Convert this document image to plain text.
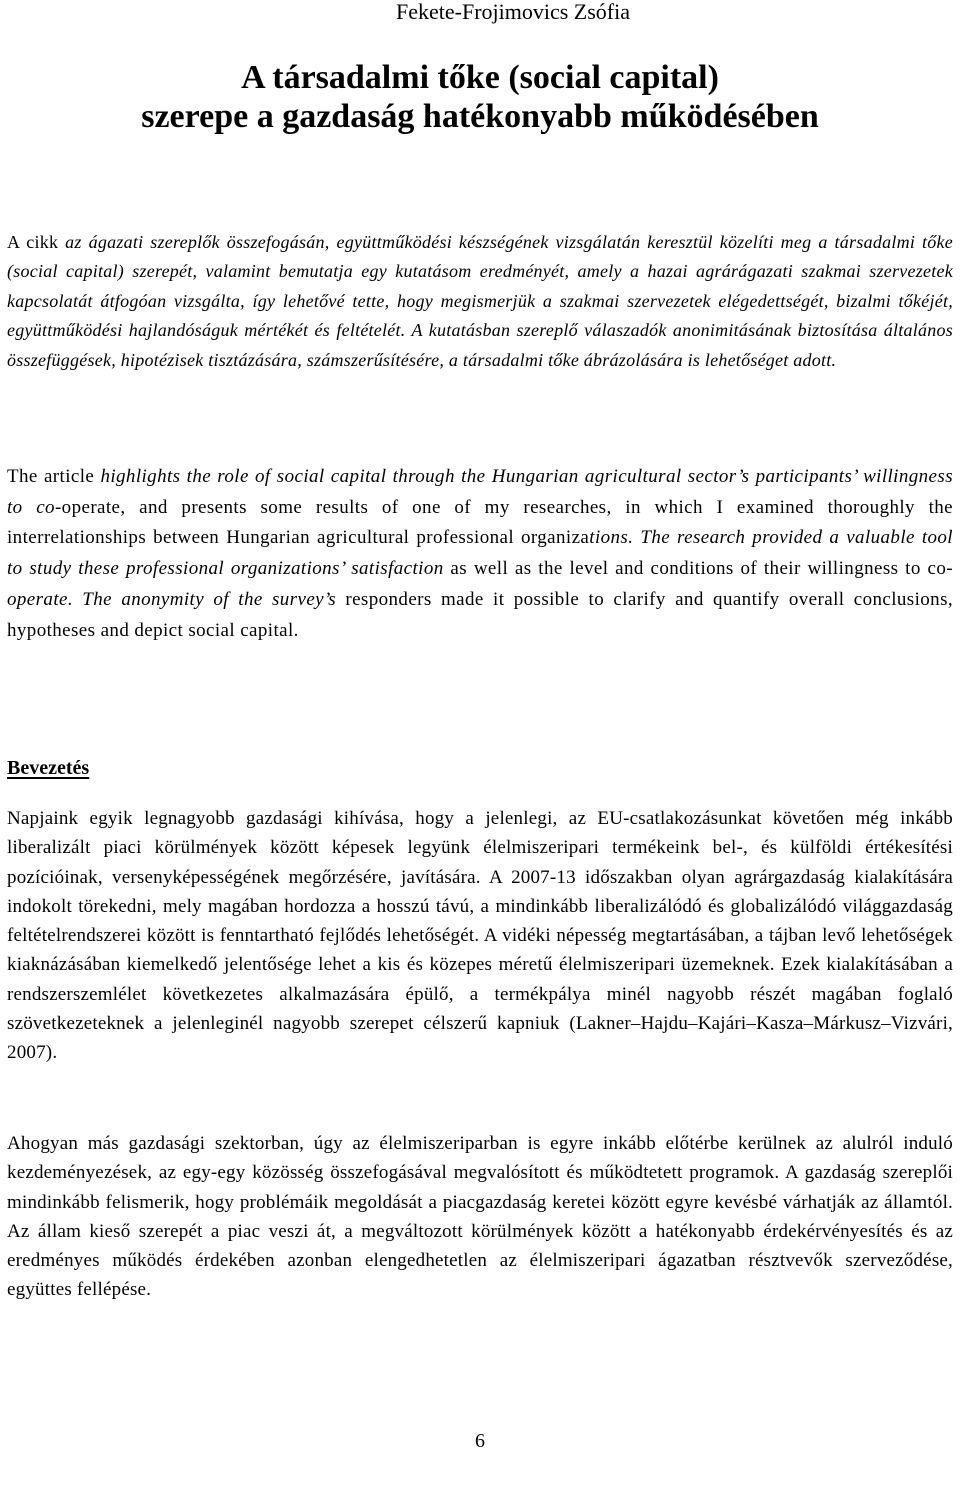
Fekete-Frojimovics Zsófia
A társadalmi tőke (social capital)
szerepe a gazdaság hatékonyabb működésében

A cikk az ágazati szereplők összefogásán, együttműködési készségének vizsgálatán keresztül közelíti meg a társadalmi tőke (social capital) szerepét, valamint bemutatja egy kutatásom eredményét, amely a hazai agrárágazati szakmai szervezetek kapcsolatát átfogóan vizsgálta, így lehetővé tette, hogy megismerjük a szakmai szervezetek elégedettségét, bizalmi tőkéjét, együttműködési hajlandóságuk mértékét és feltételét. A kutatásban szereplő válaszadók anonimitásának biztosítása általános összefüggések, hipotézisek tisztázására, számszerűsítésére, a társadalmi tőke ábrázolására is lehetőséget adott.

The article highlights the role of social capital through the Hungarian agricultural sector’s participants’ willingness to co-operate, and presents some results of one of my researches, in which I examined thoroughly the interrelationships between Hungarian agricultural professional organizations. The research provided a valuable tool to study these professional organizations’ satisfaction as well as the level and conditions of their willingness to co-operate. The anonymity of the survey’s responders made it possible to clarify and quantify overall conclusions, hypotheses and depict social capital.

Bevezetés

Napjaink egyik legnagyobb gazdasági kihívása, hogy a jelenlegi, az EU-csatlakozásunkat követően még inkább liberalizált piaci körülmények között képesek legyünk élelmiszeripari termékeink bel-, és külföldi értékesítési pozícióinak, versenyképességének megőrzésére, javítására. A 2007-13 időszakban olyan agrárgazdaság kialakítására indokolt törekedni, mely magában hordozza a hosszú távú, a mindinkább liberalizálódó és globalizálódó világgazdaság feltételrendszerei között is fenntartható fejlődés lehetőségét. A vidéki népesség megtartásában, a tájban levő lehetőségek kiaknázásában kiemelkedő jelentősége lehet a kis és közepes méretű élelmiszeripari üzemeknek. Ezek kialakításában a rendszerszemlélet következetes alkalmazására épülő, a termékpálya minél nagyobb részét magában foglaló szövetkezeteknek a jelenleginél nagyobb szerepet célszerű kapniuk (Lakner–Hajdu–Kajári–Kasza–Márkusz–Vizvári, 2007).

Ahogyan más gazdasági szektorban, úgy az élelmiszeriparban is egyre inkább előtérbe kerülnek az alulról induló kezdeményezések, az egy-egy közösség összefogásával megvalósított és működtetett programok. A gazdaság szereplői mindinkább felismerik, hogy problémáik megoldását a piacgazdaság keretei között egyre kevésbé várhatják az államtól. Az állam kieső szerepét a piac veszi át, a megváltozott körülmények között a hatékonyabb érdekérvényesítés és az eredményes működés érdekében azonban elengedhetetlen az élelmiszeripari ágazatban résztvevők szerveződése, együttes fellépése.

6
